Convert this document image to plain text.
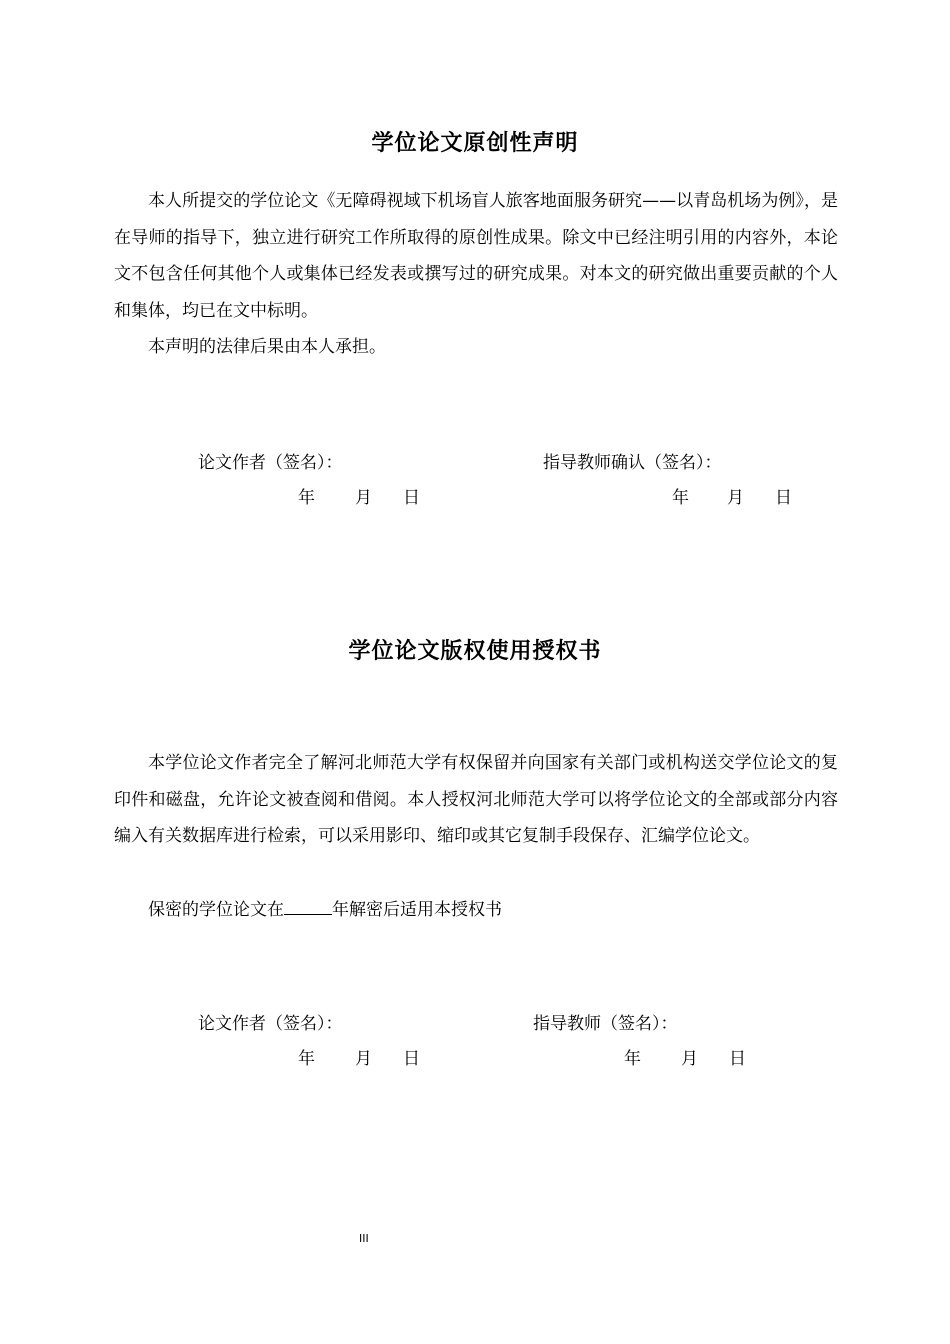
学位论文原创性声明
本人所提交的学位论文《无障碍视域下机场盲人旅客地面服务研究——以青岛机场为例》，是在导师的指导下，独立进行研究工作所取得的原创性成果。除文中已经注明引用的内容外，本论文不包含任何其他个人或集体已经发表或撰写过的研究成果。对本文的研究做出重要贡献的个人和集体，均已在文中标明。
本声明的法律后果由本人承担。
论文作者（签名）：	指导教师确认（签名）：
年 月 日	年 月 日
学位论文版权使用授权书
本学位论文作者完全了解河北师范大学有权保留并向国家有关部门或机构送交学位论文的复印件和磁盘，允许论文被查阅和借阅。本人授权河北师范大学可以将学位论文的全部或部分内容编入有关数据库进行检索，可以采用影印、缩印或其它复制手段保存、汇编学位论文。
保密的学位论文在	年解密后适用本授权书
论文作者（签名）：	指导教师（签名）：
年 月 日	年 月 日
III
